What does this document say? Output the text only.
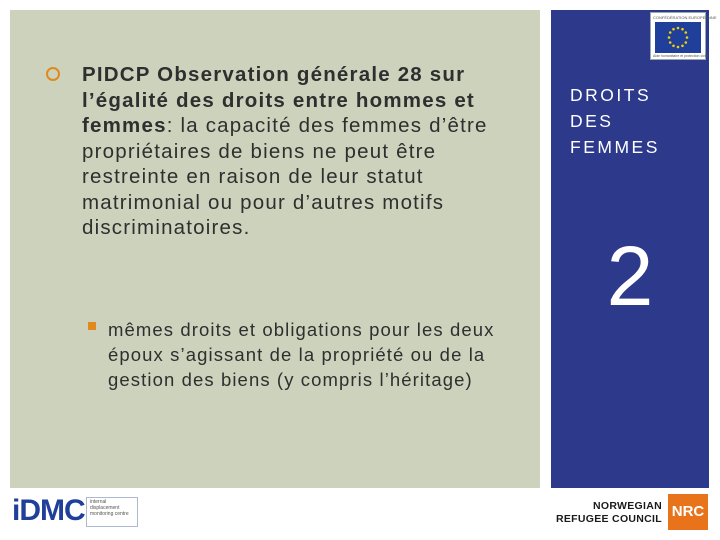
PIDCP Observation générale 28 sur l’égalité des droits entre hommes et femmes: la capacité des femmes d’être propriétaires de biens ne peut être restreinte en raison de leur statut matrimonial ou pour d’autres motifs discriminatoires.

mêmes droits et obligations pour les deux époux s’agissant de la propriété ou de la gestion des biens (y compris l’héritage)

CONFÉDÉRATION EUROPÉENNE
Aide humanitaire et protection civile
DROITS
DES
FEMMES
2
iDMC internal displacement monitoring centre
NORWEGIAN
REFUGEE COUNCIL NRC
